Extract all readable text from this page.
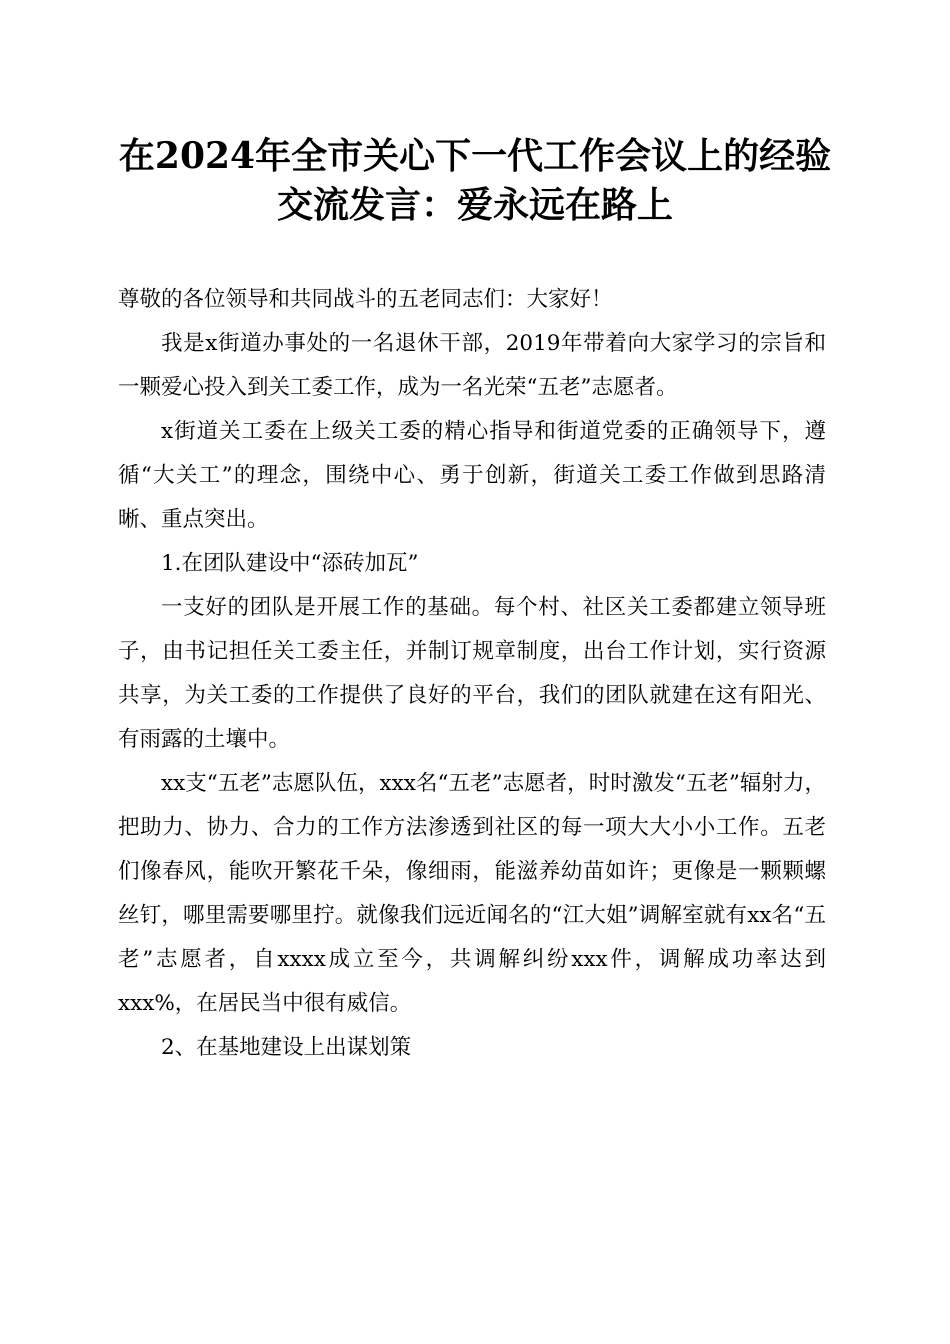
在2024年全市关心下一代工作会议上的经验
交流发言：爱永远在路上

尊敬的各位领导和共同战斗的五老同志们：大家好！

我是x街道办事处的一名退休干部，2019年带着向大家学习的宗旨和一颗爱心投入到关工委工作，成为一名光荣“五老”志愿者。

x街道关工委在上级关工委的精心指导和街道党委的正确领导下，遵循“大关工”的理念，围绕中心、勇于创新，街道关工委工作做到思路清晰、重点突出。

1.在团队建设中“添砖加瓦”

一支好的团队是开展工作的基础。每个村、社区关工委都建立领导班子，由书记担任关工委主任，并制订规章制度，出台工作计划，实行资源共享，为关工委的工作提供了良好的平台，我们的团队就建在这有阳光、有雨露的土壤中。

xx支“五老”志愿队伍，xxx名“五老”志愿者，时时激发“五老”辐射力，把助力、协力、合力的工作方法渗透到社区的每一项大大小小工作。五老们像春风，能吹开繁花千朵，像细雨，能滋养幼苗如许；更像是一颗颗螺丝钉，哪里需要哪里拧。就像我们远近闻名的“江大姐”调解室就有xx名“五老”志愿者，自xxxx成立至今，共调解纠纷xxx件，调解成功率达到xxx%，在居民当中很有威信。

2、在基地建设上出谋划策
